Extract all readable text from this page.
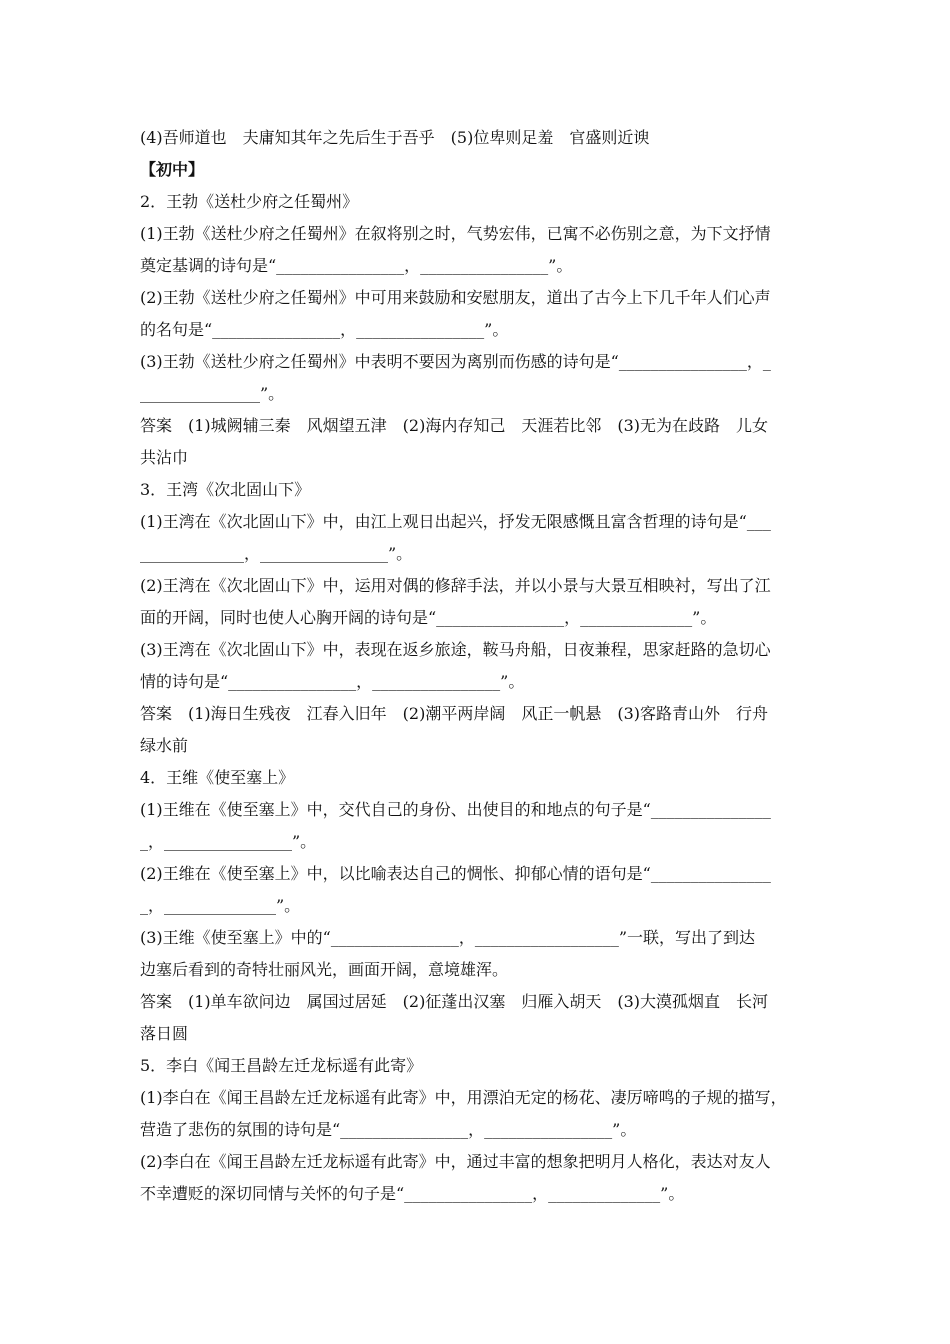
(4)吾师道也　夫庸知其年之先后生于吾乎　(5)位卑则足羞　官盛则近谀
【初中】
2．王勃《送杜少府之任蜀州》
(1)王勃《送杜少府之任蜀州》在叙将别之时，气势宏伟，已寓不必伤别之意，为下文抒情
奠定基调的诗句是“________________，________________”。
(2)王勃《送杜少府之任蜀州》中可用来鼓励和安慰朋友，道出了古今上下几千年人们心声
的名句是“________________，________________”。
(3)王勃《送杜少府之任蜀州》中表明不要因为离别而伤感的诗句是“________________，_
_______________”。
答案　(1)城阙辅三秦　风烟望五津　(2)海内存知己　天涯若比邻　(3)无为在歧路　儿女
共沾巾
3．王湾《次北固山下》
(1)王湾在《次北固山下》中，由江上观日出起兴，抒发无限感慨且富含哲理的诗句是“___
_____________，________________”。
(2)王湾在《次北固山下》中，运用对偶的修辞手法，并以小景与大景互相映衬，写出了江
面的开阔，同时也使人心胸开阔的诗句是“________________，______________”。
(3)王湾在《次北固山下》中，表现在返乡旅途，鞍马舟船，日夜兼程，思家赶路的急切心
情的诗句是“________________，________________”。
答案　(1)海日生残夜　江春入旧年　(2)潮平两岸阔　风正一帆悬　(3)客路青山外　行舟
绿水前
4．王维《使至塞上》
(1)王维在《使至塞上》中，交代自己的身份、出使目的和地点的句子是“_______________
_，________________”。
(2)王维在《使至塞上》中，以比喻表达自己的惆怅、抑郁心情的语句是“_______________
_，______________”。
(3)王维《使至塞上》中的“________________，__________________”一联，写出了到达
边塞后看到的奇特壮丽风光，画面开阔，意境雄浑。
答案　(1)单车欲问边　属国过居延　(2)征蓬出汉塞　归雁入胡天　(3)大漠孤烟直　长河
落日圆
5．李白《闻王昌龄左迁龙标遥有此寄》
(1)李白在《闻王昌龄左迁龙标遥有此寄》中，用漂泊无定的杨花、凄厉啼鸣的子规的描写，
营造了悲伤的氛围的诗句是“________________，________________”。
(2)李白在《闻王昌龄左迁龙标遥有此寄》中，通过丰富的想象把明月人格化，表达对友人
不幸遭贬的深切同情与关怀的句子是“________________，______________”。
